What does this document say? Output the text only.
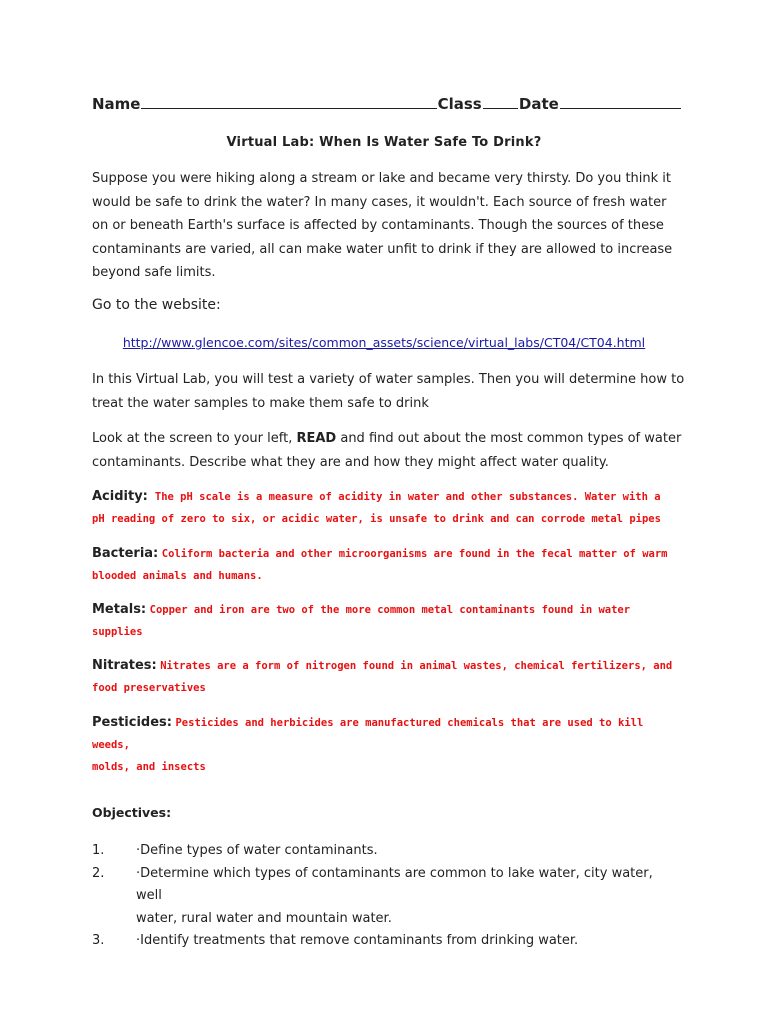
Name	Class Date
Virtual Lab: When Is Water Safe To Drink?
Suppose you were hiking along a stream or lake and became very thirsty. Do you think it
would be safe to drink the water? In many cases, it wouldn't. Each source of fresh water
on or beneath Earth's surface is affected by contaminants. Though the sources of these
contaminants are varied, all can make water unfit to drink if they are allowed to increase
beyond safe limits.
Go to the website:
http://www.glencoe.com/sites/common_assets/science/virtual_labs/CT04/CT04.html
In this Virtual Lab, you will test a variety of water samples. Then you will determine how to
treat the water samples to make them safe to drink
Look at the screen to your left, READ and find out about the most common types of water
contaminants. Describe what they are and how they might affect water quality.
Acidity: The pH scale is a measure of acidity in water and other substances. Water with a
pH reading of zero to six, or acidic water, is unsafe to drink and can corrode metal pipes
Bacteria: Coliform bacteria and other microorganisms are found in the fecal matter of warm
blooded animals and humans.
Metals: Copper and iron are two of the more common metal contaminants found in water
supplies
Nitrates: Nitrates are a form of nitrogen found in animal wastes, chemical fertilizers, and
food preservatives
Pesticides: Pesticides and herbicides are manufactured chemicals that are used to kill weeds,
molds, and insects
Objectives:
1.	·Define types of water contaminants.
2.	·Determine which types of contaminants are common to lake water, city water, well
water, rural water and mountain water.
3.	·Identify treatments that remove contaminants from drinking water.
